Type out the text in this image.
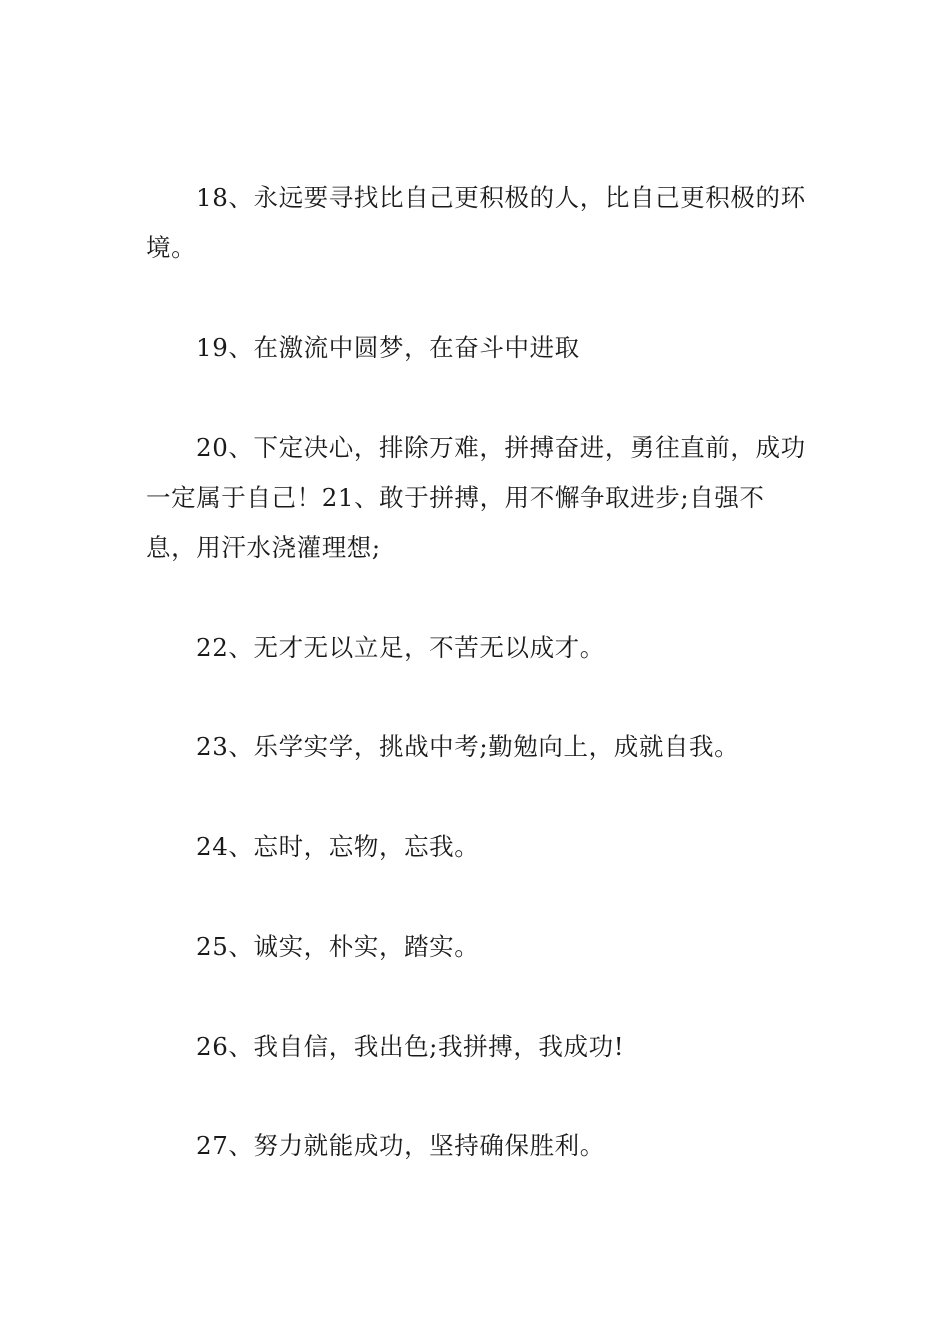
18、永远要寻找比自己更积极的人，比自己更积极的环境。

19、在激流中圆梦，在奋斗中进取

20、下定决心，排除万难，拼搏奋进，勇往直前，成功一定属于自己！21、敢于拼搏，用不懈争取进步;自强不息，用汗水浇灌理想;

22、无才无以立足，不苦无以成才。

23、乐学实学，挑战中考;勤勉向上，成就自我。

24、忘时，忘物，忘我。

25、诚实，朴实，踏实。

26、我自信，我出色;我拼搏，我成功!

27、努力就能成功，坚持确保胜利。
